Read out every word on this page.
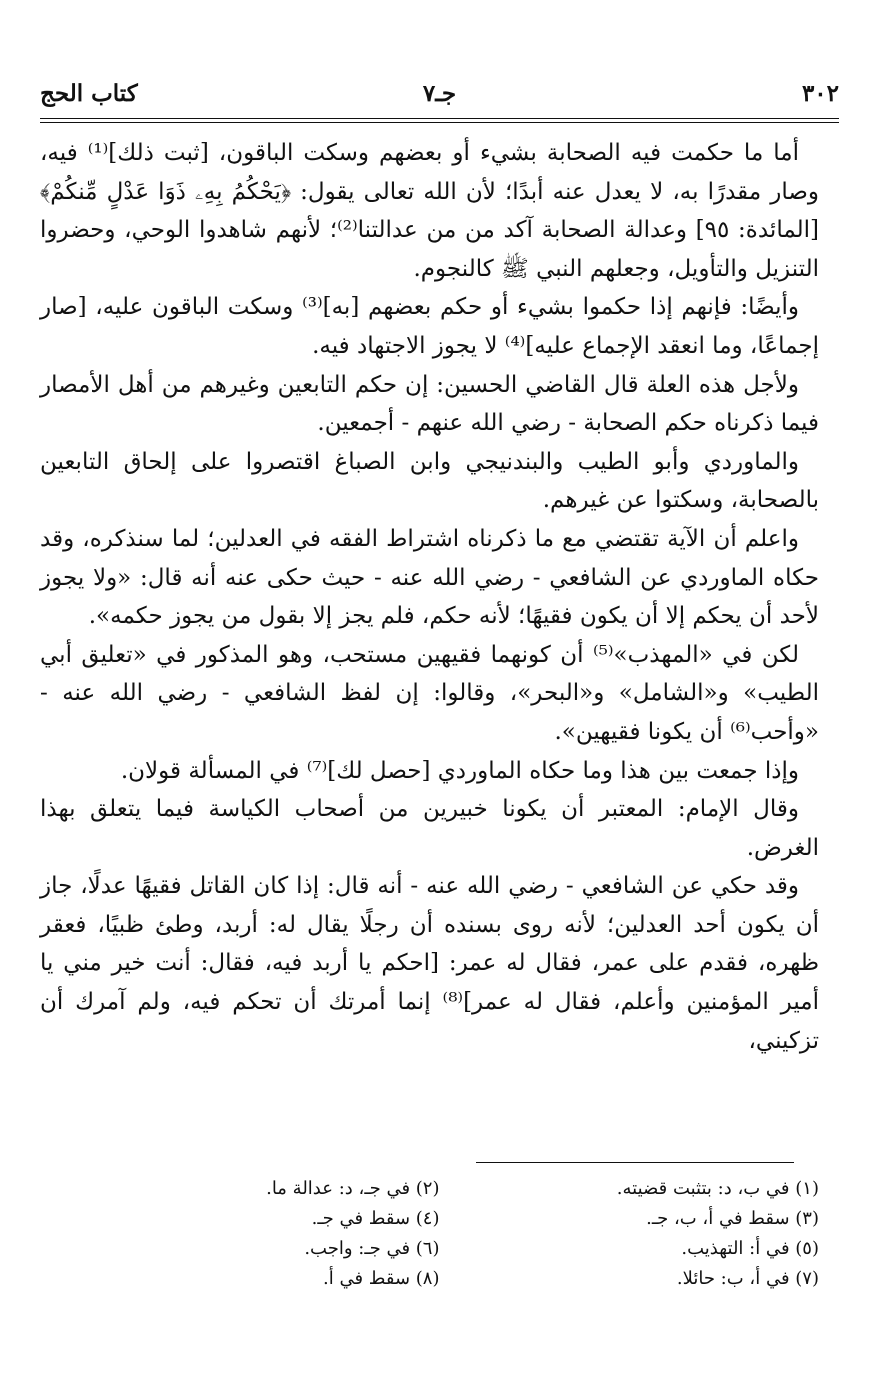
٣٠٢
جـ٧
كتاب الحج

أما ما حكمت فيه الصحابة بشيء أو بعضهم وسكت الباقون، [ثبت ذلك]⁽¹⁾ فيه، وصار مقدرًا به، لا يعدل عنه أبدًا؛ لأن الله تعالى يقول: ﴿يَحْكُمُ بِهِۦ ذَوَا عَدْلٍ مِّنكُمْ﴾ [المائدة: ٩٥] وعدالة الصحابة آكد من من عدالتنا⁽²⁾؛ لأنهم شاهدوا الوحي، وحضروا التنزيل والتأويل، وجعلهم النبي ﷺ كالنجوم.

وأيضًا: فإنهم إذا حكموا بشيء أو حكم بعضهم [به]⁽³⁾ وسكت الباقون عليه، [صار إجماعًا، وما انعقد الإجماع عليه]⁽⁴⁾ لا يجوز الاجتهاد فيه.

ولأجل هذه العلة قال القاضي الحسين: إن حكم التابعين وغيرهم من أهل الأمصار فيما ذكرناه حكم الصحابة - رضي الله عنهم - أجمعين.

والماوردي وأبو الطيب والبندنيجي وابن الصباغ اقتصروا على إلحاق التابعين بالصحابة، وسكتوا عن غيرهم.

واعلم أن الآية تقتضي مع ما ذكرناه اشتراط الفقه في العدلين؛ لما سنذكره، وقد حكاه الماوردي عن الشافعي - رضي الله عنه - حيث حكى عنه أنه قال: «ولا يجوز لأحد أن يحكم إلا أن يكون فقيهًا؛ لأنه حكم، فلم يجز إلا بقول من يجوز حكمه».

لكن في «المهذب»⁽⁵⁾ أن كونهما فقيهين مستحب، وهو المذكور في «تعليق أبي الطيب» و«الشامل» و«البحر»، وقالوا: إن لفظ الشافعي - رضي الله عنه - «وأحب⁽⁶⁾ أن يكونا فقيهين».

وإذا جمعت بين هذا وما حكاه الماوردي [حصل لك]⁽⁷⁾ في المسألة قولان.

وقال الإمام: المعتبر أن يكونا خبيرين من أصحاب الكياسة فيما يتعلق بهذا الغرض.

وقد حكي عن الشافعي - رضي الله عنه - أنه قال: إذا كان القاتل فقيهًا عدلًا، جاز أن يكون أحد العدلين؛ لأنه روى بسنده أن رجلًا يقال له: أربد، وطئ ظبيًا، فعقر ظهره، فقدم على عمر، فقال له عمر: [احكم يا أربد فيه، فقال: أنت خير مني يا أمير المؤمنين وأعلم، فقال له عمر]⁽⁸⁾ إنما أمرتك أن تحكم فيه، ولم آمرك أن تزكيني،

(١) في ب، د: بتثبت قضيته.
(٢) في جـ، د: عدالة ما.
(٣) سقط في أ، ب، جـ.
(٤) سقط في جـ.
(٥) في أ: التهذيب.
(٦) في جـ: واجب.
(٧) في أ، ب: حائلا.
(٨) سقط في أ.
